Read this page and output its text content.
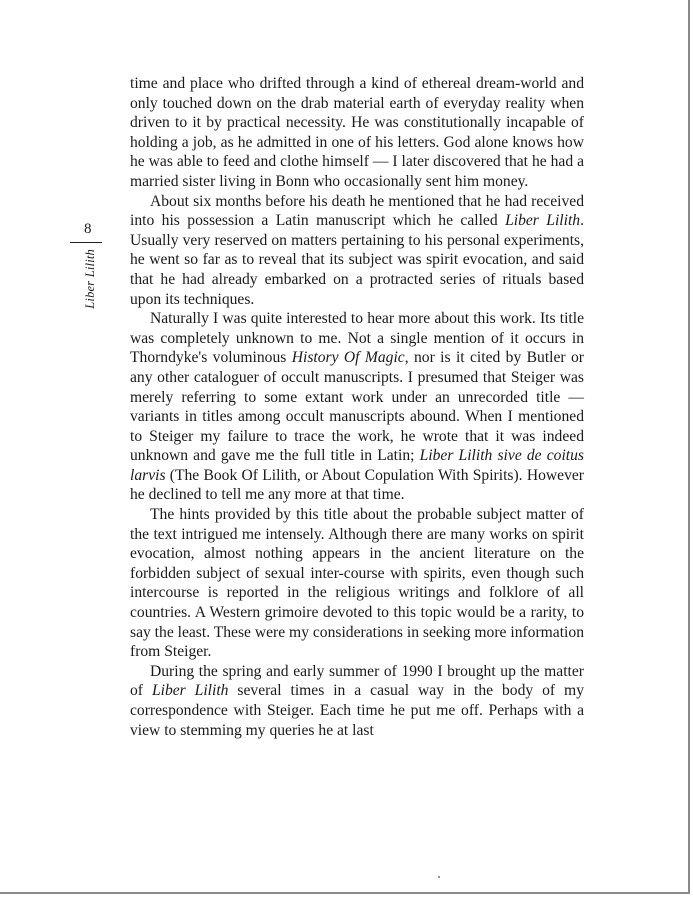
8
Liber Lilith

time and place who drifted through a kind of ethereal dream-world and only touched down on the drab material earth of everyday reality when driven to it by practical necessity. He was constitutionally incapable of holding a job, as he admitted in one of his letters. God alone knows how he was able to feed and clothe himself — I later discovered that he had a married sister living in Bonn who occasionally sent him money.

About six months before his death he mentioned that he had received into his possession a Latin manuscript which he called Liber Lilith. Usually very reserved on matters pertaining to his personal experiments, he went so far as to reveal that its subject was spirit evocation, and said that he had already embarked on a protracted series of rituals based upon its techniques.

Naturally I was quite interested to hear more about this work. Its title was completely unknown to me. Not a single mention of it occurs in Thorndyke's voluminous History Of Magic, nor is it cited by Butler or any other cataloguer of occult manuscripts. I presumed that Steiger was merely referring to some extant work under an unrecorded title — variants in titles among occult manuscripts abound. When I mentioned to Steiger my failure to trace the work, he wrote that it was indeed unknown and gave me the full title in Latin; Liber Lilith sive de coitus larvis (The Book Of Lilith, or About Copulation With Spirits). However he declined to tell me any more at that time.

The hints provided by this title about the probable subject matter of the text intrigued me intensely. Although there are many works on spirit evocation, almost nothing appears in the ancient literature on the forbidden subject of sexual inter-course with spirits, even though such intercourse is reported in the religious writings and folklore of all countries. A Western grimoire devoted to this topic would be a rarity, to say the least. These were my considerations in seeking more information from Steiger.

During the spring and early summer of 1990 I brought up the matter of Liber Lilith several times in a casual way in the body of my correspondence with Steiger. Each time he put me off. Perhaps with a view to stemming my queries he at last
